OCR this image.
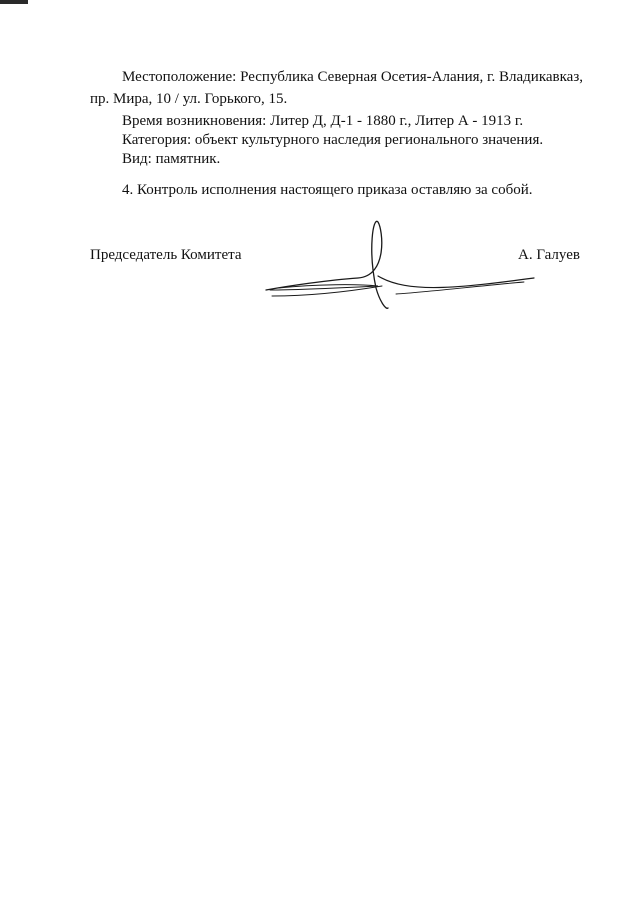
Местоположение: Республика Северная Осетия-Алания, г. Владикавказ,
пр. Мира, 10 / ул. Горького, 15.
Время возникновения: Литер Д, Д-1 - 1880 г., Литер А - 1913 г.
Категория: объект культурного наследия регионального значения.
Вид: памятник.
4. Контроль исполнения настоящего приказа оставляю за собой.
Председатель Комитета	А. Галуев
